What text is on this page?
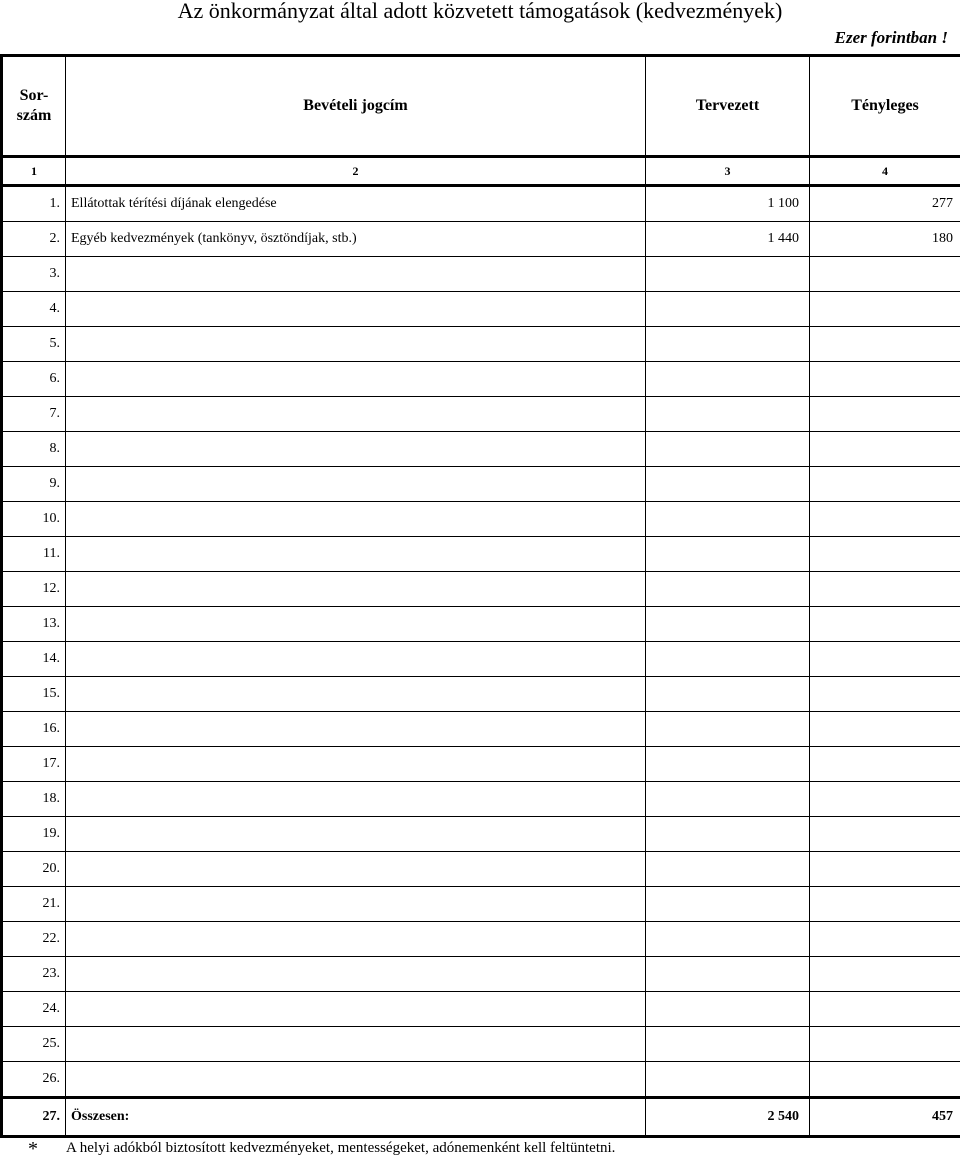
Az önkormányzat által adott közvetett támogatások (kedvezmények)
Ezer forintban !
Sor-
szám	Bevételi jogcím	Tervezett	Tényleges
1	2	3	4
1.	Ellátottak térítési díjának elengedése	1 100	277
2.	Egyéb kedvezmények (tankönyv, ösztöndíjak, stb.)	1 440	180
3.			
4.			
5.			
6.			
7.			
8.			
9.			
10.			
11.			
12.			
13.			
14.			
15.			
16.			
17.			
18.			
19.			
20.			
21.			
22.			
23.			
24.			
25.			
26.			
27.	Összesen:	2 540	457
* A helyi adókból biztosított kedvezményeket, mentességeket, adónemenként kell feltüntetni.
